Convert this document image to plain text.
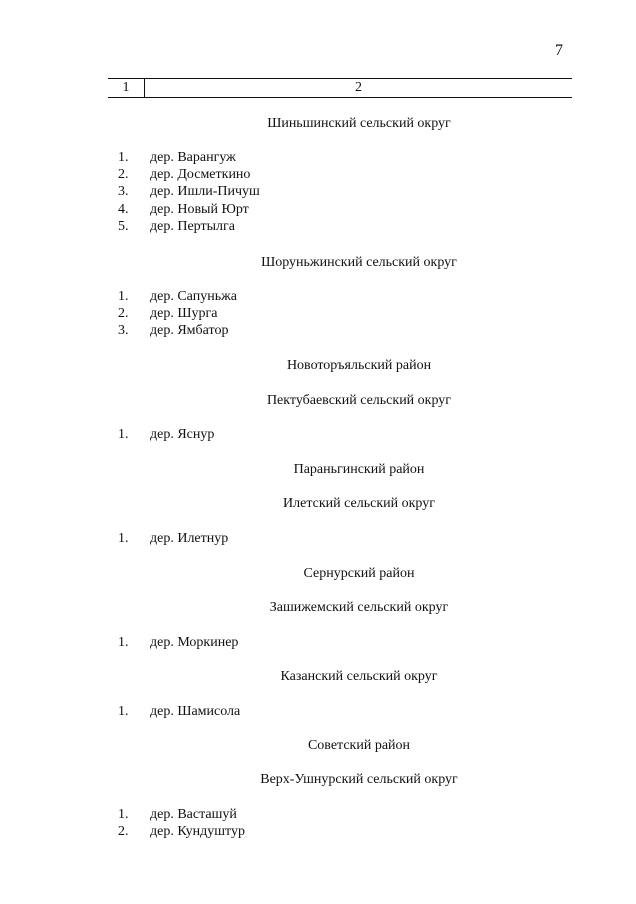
7
1	2
Шиньшинский сельский округ
1. дер. Варангуж
2. дер. Досметкино
3. дер. Ишли-Пичуш
4. дер. Новый Юрт
5. дер. Пертылга
Шоруньжинский сельский округ
1. дер. Сапуньжа
2. дер. Шурга
3. дер. Ямбатор
Новоторъяльский район
Пектубаевский сельский округ
1. дер. Яснур
Параньгинский район
Илетский сельский округ
1. дер. Илетнур
Сернурский район
Зашижемский сельский округ
1. дер. Моркинер
Казанский сельский округ
1. дер. Шамисола
Советский район
Верх-Ушнурский сельский округ
1. дер. Васташуй
2. дер. Кундуштур
